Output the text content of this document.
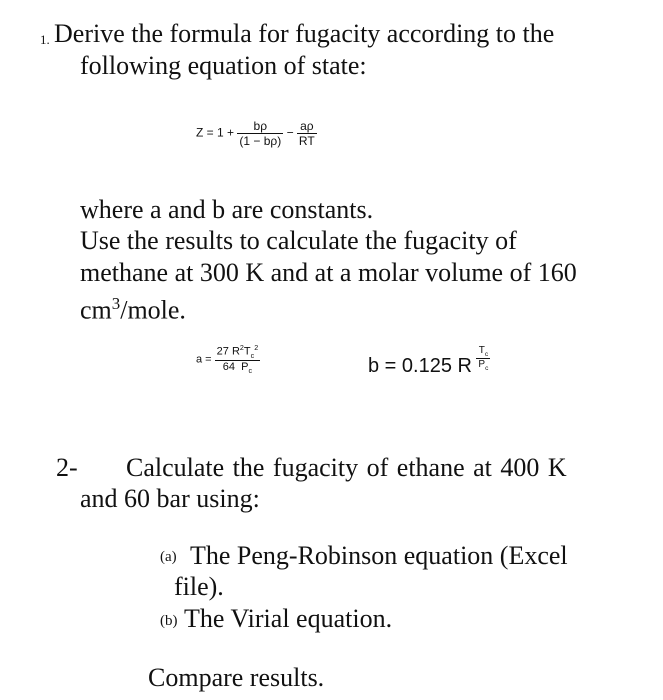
1. Derive the formula for fugacity according to the
following equation of state:
$Z = 1 + \frac{b\rho}{(1 - b\rho)} - \frac{a\rho}{RT}$
where a and b are constants.
Use the results to calculate the fugacity of
methane at 300 K and at a molar volume of 160
$cm^3$/mole.
$a = \frac{27 R^2T_c^2}{64 P_c}$	b = 0.125 R $\frac{T_c}{P_c}$
2- Calculate the fugacity of ethane at 400 K
and 60 bar using:
(a) The Peng-Robinson equation (Excel
file).
(b) The Virial equation.
Compare results.
